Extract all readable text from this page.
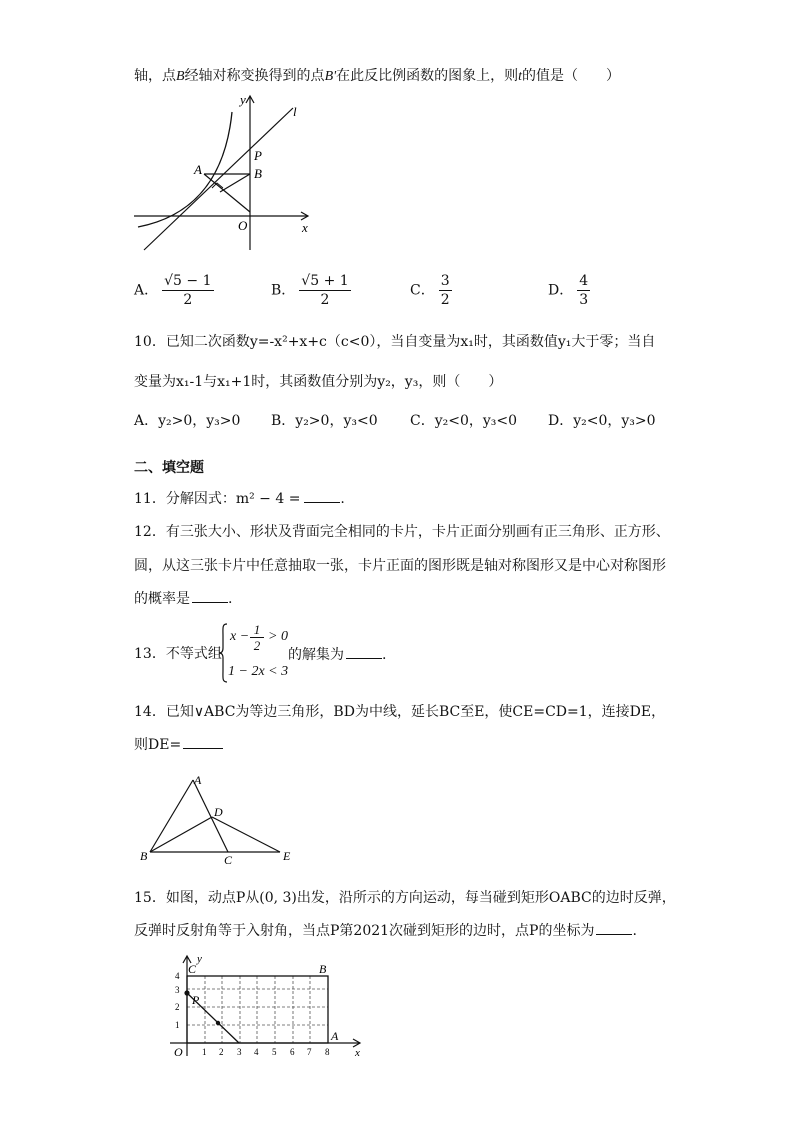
轴，点B经轴对称变换得到的点B'在此反比例函数的图象上，则t的值是（　　）
y
x
l
P
A	B
O
A． $\frac{√5 - 1}{2}$	B． $\frac{√5 + 1}{2}$	C． $\frac{3}{2}$	D． $\frac{4}{3}$
10．已知二次函数y=-x²+x+c（c<0），当自变量为x₁时，其函数值y₁大于零；当自
变量为x₁-1与x₁+1时，其函数值分别为y₂，y₃，则（　　）
A．y₂>0，y₃>0 B．y₂>0，y₃<0 C．y₂<0，y₃<0 D．y₂<0，y₃>0
二、填空题
11．分解因式：m² − 4 =	.
12．有三张大小、形状及背面完全相同的卡片，卡片正面分别画有正三角形、正方形、
圆，从这三张卡片中任意抽取一张，卡片正面的图形既是轴对称图形又是中心对称图形
的概率是	.
13．不等式组
$x - \frac{1}{2} > 0$
1 − 2x < 3
的解集为	.
14．已知∨ABC为等边三角形，BD为中线，延长BC至E，使CE=CD=1，连接DE，
则DE=
A
B	C
D
E
15．如图，动点P从(0, 3)出发，沿所示的方向运动，每当碰到矩形OABC的边时反弹，
反弹时反射角等于入射角，当点P第2021次碰到矩形的边时，点P的坐标为	.
1 2 3 4 5 6 7 8
1
2
3
4
y
x
C	B
A
O
P
